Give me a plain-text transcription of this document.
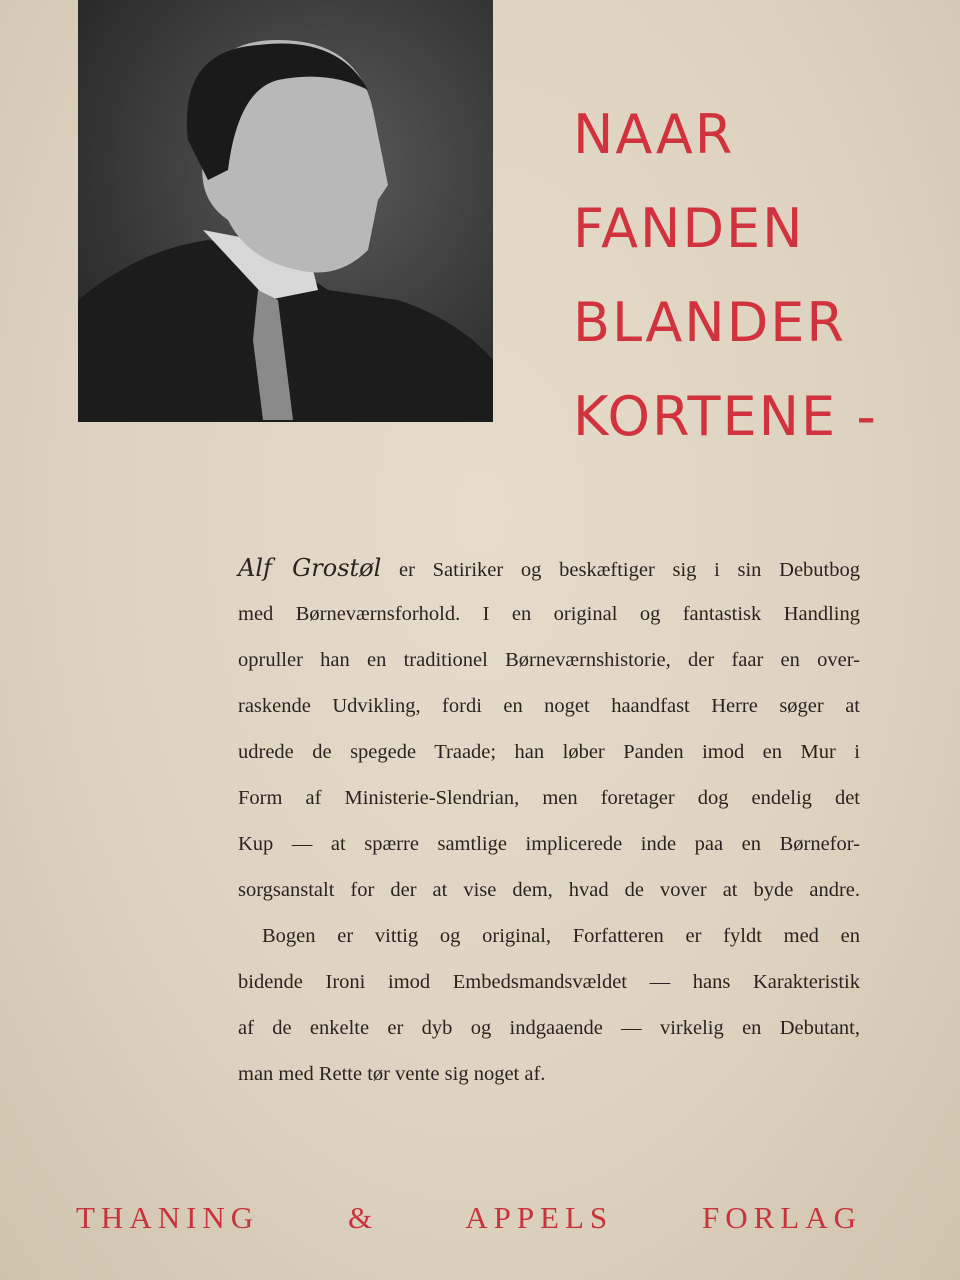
NAAR
FANDEN
BLANDER
KORTENE -
Alf Grostøl er Satiriker og beskæftiger sig i sin Debutbog
med Børneværnsforhold. I en original og fantastisk Handling
opruller han en traditionel Børneværnshistorie, der faar en over-
raskende Udvikling, fordi en noget haandfast Herre søger at
udrede de spegede Traade; han løber Panden imod en Mur i
Form af Ministerie-Slendrian, men foretager dog endelig det
Kup — at spærre samtlige implicerede inde paa en Børnefor-
sorgsanstalt for der at vise dem, hvad de vover at byde andre.
Bogen er vittig og original, Forfatteren er fyldt med en
bidende Ironi imod Embedsmandsvældet — hans Karakteristik
af de enkelte er dyb og indgaaende — virkelig en Debutant,
man med Rette tør vente sig noget af.
THANING & APPELS FORLAG
